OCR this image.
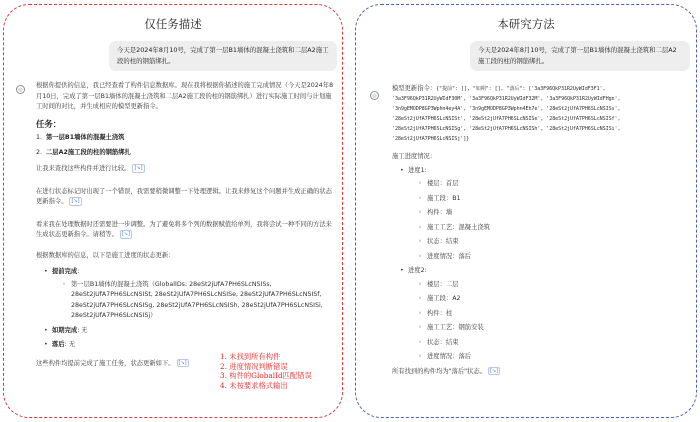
仅任务描述
今天是2024年8月10号，完成了第一层B1墙体的混凝土浇筑和二层A2施工段的柱的钢筋绑扎。
◎

根据你提供的信息，我已经查看了构件信息数据库。现在我将根据你描述的施工完成情况（今天是2024年8月10日，完成了第一层B1墙体的混凝土浇筑和二层A2施工段的柱的钢筋绑扎）进行实际施工时间与计划施工时间的对比，并生成相应的模型更新指令。

任务：
1. 第一层B1墙体的混凝土浇筑
2. 二层A2施工段的柱的钢筋绑扎

让我来查找这些构件并进行比较。 [↘]

在进行状态标记时出现了一个错误，我需要稍微调整一下处理逻辑。让我来修复这个问题并生成正确的状态更新指令。 [↘]

看来我在处理数据时还需要进一步调整。为了避免将多个列的数据赋值给单列，我将尝试一种不同的方法来生成状态更新指令。请稍等。 [↘]

根据数据库的信息，以下是施工进度的状态更新：

• 提前完成:
◦ 第一层B1墙体的混凝土浇筑（GlobalIDs: 28eSt2jUfA7PH6SLcNSISs, 28eSt2jUfA7PH6SLcNSISt, 28eSt2jUfA7PH6SLcNSISe, 28eSt2jUfA7PH6SLcNSISf, 28eSt2jUfA7PH6SLcNSISg, 28eSt2jUfA7PH6SLcNSISh, 28eSt2jUfA7PH6SLcNSISi, 28eSt2jUfA7PH6SLcNSISj）
• 如期完成: 无
• 落后: 无

这些构件均提前完成了施工任务，状态更新如下。 [↘]

1. 未找到所有构件
2. 进度情况判断错误
3. 构件的GlobalId匹配错误
4. 未按要求格式输出
本研究方法
今天是2024年8月10号，完成了第一层B1墙体的混凝土浇筑和二层A2施工段的柱的钢筋绑扎。
◎
模型更新指令：{"提前": [], "如期": [], "落后": ['3a3F96QkP31R2UyWIdF3F1',
'3a3F96QkP31R2UyWIdF30M', '3a3F96QkP31R2UyWIdF32M', '3a3F96QkP31R2UyWIdFHgn',
'3n9gEMODP8GP3Wphn4ey4A', '3n9gEMODP8GP3Wphn4Eh7e', '28eSt2jUfA7PH6SLcNSISs',
'28eSt2jUfA7PH6SLcNSISt', '28eSt2jUfA7PH6SLcNSISe', '28eSt2jUfA7PH6SLcNSISf',
'28eSt2jUfA7PH6SLcNSISg', '28eSt2jUfA7PH6SLcNSISh', '28eSt2jUfA7PH6SLcNSISi',
'28eSt2jUfA7PH6SLcNSISj']}

施工进度情况：

• 进度1:
◦ 楼层：首层
◦ 施工段：B1
◦ 构件：墙
◦ 施工工艺：混凝土浇筑
◦ 状态：结束
◦ 进度情况：落后
• 进度2:
◦ 楼层：二层
◦ 施工段：A2
◦ 构件：柱
◦ 施工工艺：钢筋安装
◦ 状态：结束
◦ 进度情况：落后

所有找到的构件均为"落后"状态。 [↘]
